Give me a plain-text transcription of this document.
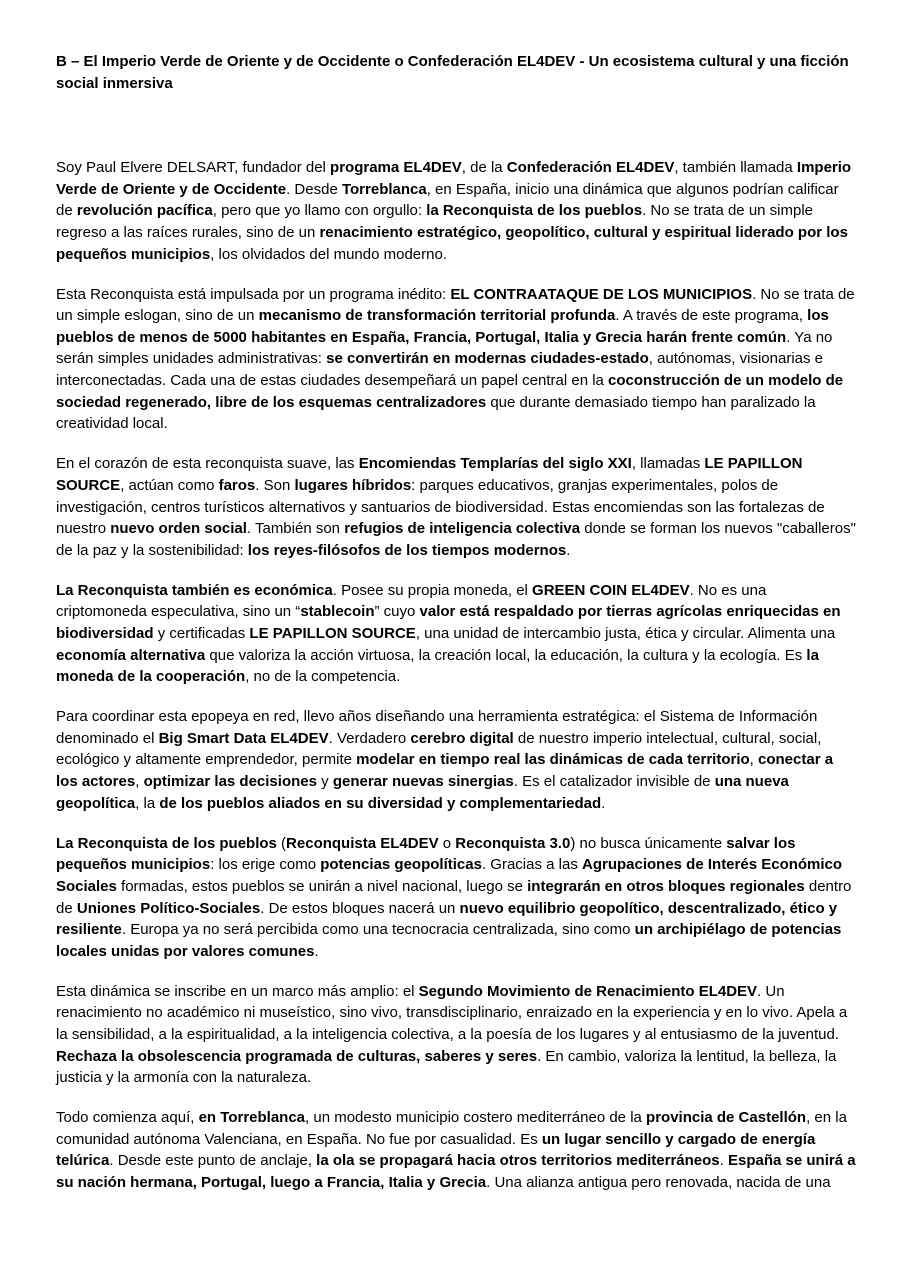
B – El Imperio Verde de Oriente y de Occidente o Confederación EL4DEV - Un ecosistema cultural y una ficción social inmersiva

Soy Paul Elvere DELSART, fundador del programa EL4DEV, de la Confederación EL4DEV, también llamada Imperio Verde de Oriente y de Occidente. Desde Torreblanca, en España, inicio una dinámica que algunos podrían calificar de revolución pacífica, pero que yo llamo con orgullo: la Reconquista de los pueblos. No se trata de un simple regreso a las raíces rurales, sino de un renacimiento estratégico, geopolítico, cultural y espiritual liderado por los pequeños municipios, los olvidados del mundo moderno.

Esta Reconquista está impulsada por un programa inédito: EL CONTRAATAQUE DE LOS MUNICIPIOS. No se trata de un simple eslogan, sino de un mecanismo de transformación territorial profunda. A través de este programa, los pueblos de menos de 5000 habitantes en España, Francia, Portugal, Italia y Grecia harán frente común. Ya no serán simples unidades administrativas: se convertirán en modernas ciudades-estado, autónomas, visionarias e interconectadas. Cada una de estas ciudades desempeñará un papel central en la coconstrucción de un modelo de sociedad regenerado, libre de los esquemas centralizadores que durante demasiado tiempo han paralizado la creatividad local.

En el corazón de esta reconquista suave, las Encomiendas Templarías del siglo XXI, llamadas LE PAPILLON SOURCE, actúan como faros. Son lugares híbridos: parques educativos, granjas experimentales, polos de investigación, centros turísticos alternativos y santuarios de biodiversidad. Estas encomiendas son las fortalezas de nuestro nuevo orden social. También son refugios de inteligencia colectiva donde se forman los nuevos "caballeros" de la paz y la sostenibilidad: los reyes-filósofos de los tiempos modernos.

La Reconquista también es económica. Posee su propia moneda, el GREEN COIN EL4DEV. No es una criptomoneda especulativa, sino un “stablecoin” cuyo valor está respaldado por tierras agrícolas enriquecidas en biodiversidad y certificadas LE PAPILLON SOURCE, una unidad de intercambio justa, ética y circular. Alimenta una economía alternativa que valoriza la acción virtuosa, la creación local, la educación, la cultura y la ecología. Es la moneda de la cooperación, no de la competencia.

Para coordinar esta epopeya en red, llevo años diseñando una herramienta estratégica: el Sistema de Información denominado el Big Smart Data EL4DEV. Verdadero cerebro digital de nuestro imperio intelectual, cultural, social, ecológico y altamente emprendedor, permite modelar en tiempo real las dinámicas de cada territorio, conectar a los actores, optimizar las decisiones y generar nuevas sinergias. Es el catalizador invisible de una nueva geopolítica, la de los pueblos aliados en su diversidad y complementariedad.

La Reconquista de los pueblos (Reconquista EL4DEV o Reconquista 3.0) no busca únicamente salvar los pequeños municipios: los erige como potencias geopolíticas. Gracias a las Agrupaciones de Interés Económico Sociales formadas, estos pueblos se unirán a nivel nacional, luego se integrarán en otros bloques regionales dentro de Uniones Político-Sociales. De estos bloques nacerá un nuevo equilibrio geopolítico, descentralizado, ético y resiliente. Europa ya no será percibida como una tecnocracia centralizada, sino como un archipiélago de potencias locales unidas por valores comunes.

Esta dinámica se inscribe en un marco más amplio: el Segundo Movimiento de Renacimiento EL4DEV. Un renacimiento no académico ni museístico, sino vivo, transdisciplinario, enraizado en la experiencia y en lo vivo. Apela a la sensibilidad, a la espiritualidad, a la inteligencia colectiva, a la poesía de los lugares y al entusiasmo de la juventud. Rechaza la obsolescencia programada de culturas, saberes y seres. En cambio, valoriza la lentitud, la belleza, la justicia y la armonía con la naturaleza.

Todo comienza aquí, en Torreblanca, un modesto municipio costero mediterráneo de la provincia de Castellón, en la comunidad autónoma Valenciana, en España. No fue por casualidad. Es un lugar sencillo y cargado de energía telúrica. Desde este punto de anclaje, la ola se propagará hacia otros territorios mediterráneos. España se unirá a su nación hermana, Portugal, luego a Francia, Italia y Grecia. Una alianza antigua pero renovada, nacida de una
